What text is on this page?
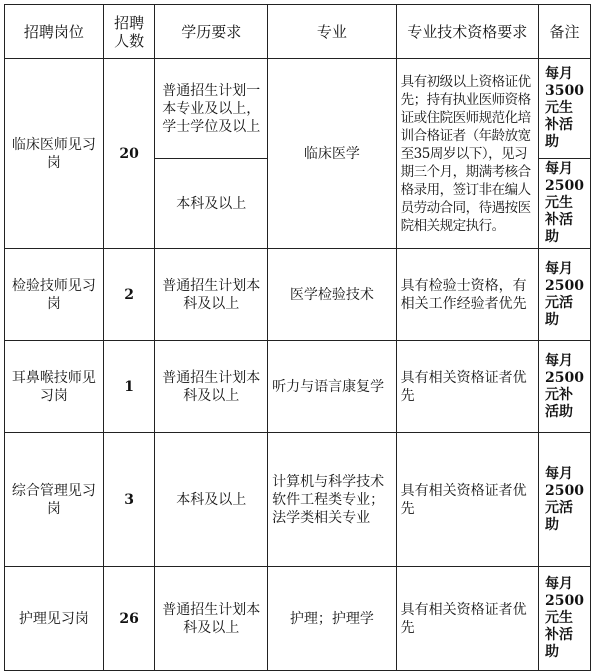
招聘岗位	招聘人数	学历要求	专业	专业技术资格要求	备注
临床医师见习岗	20	普通招生计划一本专业及以上，学士学位及以上	临床医学	具有初级以上资格证优先；持有执业医师资格证或住院医师规范化培训合格证者（年龄放宽至35周岁以下），见习期三个月，期满考核合格录用，签订非在编人员劳动合同，待遇按医院相关规定执行。	每月3500元生补活助
		本科及以上			每月2500元生补活助
检验技师见习岗	2	普通招生计划本科及以上	医学检验技术	具有检验士资格，有相关工作经验者优先	每月2500元活助
耳鼻喉技师见习岗	1	普通招生计划本科及以上	听力与语言康复学	具有相关资格证者优先	每月2500元补活助
综合管理见习岗	3	本科及以上	计算机与科学技术软件工程类专业；法学类相关专业	具有相关资格证者优先	每月2500元活助
护理见习岗	26	普通招生计划本科及以上	护理；护理学	具有相关资格证者优先	每月2500元生补活助
